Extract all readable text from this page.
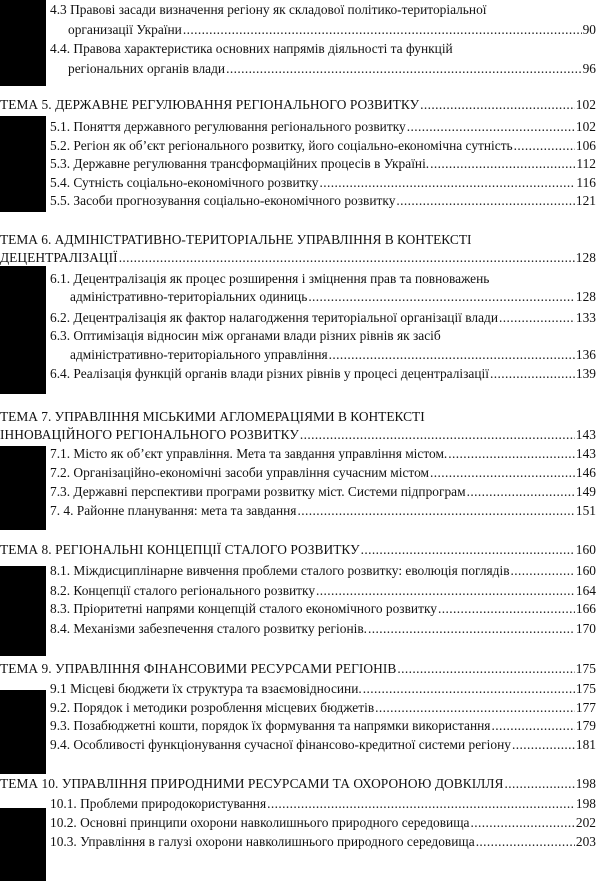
4.3 Правові засади визначення регіону як складової політико-територіальної
организації України .....	90
4.4. Правова характеристика основних напрямів діяльності та функцій
регіональних органів влади .....	96
ТЕМА 5. ДЕРЖАВНЕ РЕГУЛЮВАННЯ РЕГІОНАЛЬНОГО РОЗВИТКУ .....	102
5.1. Поняття державного регулювання регіонального розвитку .....	102
5.2. Регіон як об’єкт регіонального розвитку, його соціально-економічна сутність .....	106
5.3. Державне регулювання трансформаційних процесів в Україні. .....	112
5.4. Сутність соціально-економічного розвитку .....	116
5.5. Засоби прогнозування соціально-економічного розвитку .....	121
ТЕМА 6. АДМІНІСТРАТИВНО-ТЕРИТОРІАЛЬНЕ УПРАВЛІННЯ В КОНТЕКСТІ
ДЕЦЕНТРАЛІЗАЦІЇ .....	128
6.1. Децентралізація як процес розширення і зміцнення прав та повноважень
адміністративно-територіальних одиниць .....	128
6.2. Децентралізація як фактор налагодження територіальної організації влади .....	133
6.3. Оптимізація відносин між органами влади різних рівнів як засіб
адміністративно-територіального управління .....	136
6.4. Реалізація функцій органів влади різних рівнів у процесі децентралізації .....	139
ТЕМА 7. УПРАВЛІННЯ МІСЬКИМИ АГЛОМЕРАЦІЯМИ В КОНТЕКСТІ
ІННОВАЦІЙНОГО РЕГІОНАЛЬНОГО РОЗВИТКУ .....	143
7.1. Місто як об’єкт управління. Мета та завдання управління містом. .....	143
7.2. Організаційно-економічні засоби управління сучасним містом .....	146
7.3. Державні перспективи програми розвитку міст. Системи підпрограм .....	149
7. 4. Районне планування: мета та завдання .....	151
ТЕМА 8. РЕГІОНАЛЬНІ КОНЦЕПЦІЇ СТАЛОГО РОЗВИТКУ .....	160
8.1. Міждисциплінарне вивчення проблеми сталого розвитку: еволюція поглядів .....	160
8.2. Концепції сталого регіонального розвитку .....	164
8.3. Пріоритетні напрями концепцій сталого економічного розвитку .....	166
8.4. Механізми забезпечення сталого розвитку регіонів. .....	170
ТЕМА 9. УПРАВЛІННЯ ФІНАНСОВИМИ РЕСУРСАМИ РЕГІОНІВ .....	175
9.1 Місцеві бюджети їх структура та взаємовідносини. .....	175
9.2. Порядок і методики розроблення місцевих бюджетів .....	177
9.3. Позабюджетні кошти, порядок їх формування та напрямки використання .....	179
9.4. Особливості функціонування сучасної фінансово-кредитної системи регіону .....	181
ТЕМА 10. УПРАВЛІННЯ ПРИРОДНИМИ РЕСУРСАМИ ТА ОХОРОНОЮ ДОВКІЛЛЯ .....	198
10.1. Проблеми природокористування .....	198
10.2. Основні принципи охорони навколишнього природного середовища .....	202
10.3. Управління в галузі охорони навколишнього природного середовища .....	203
